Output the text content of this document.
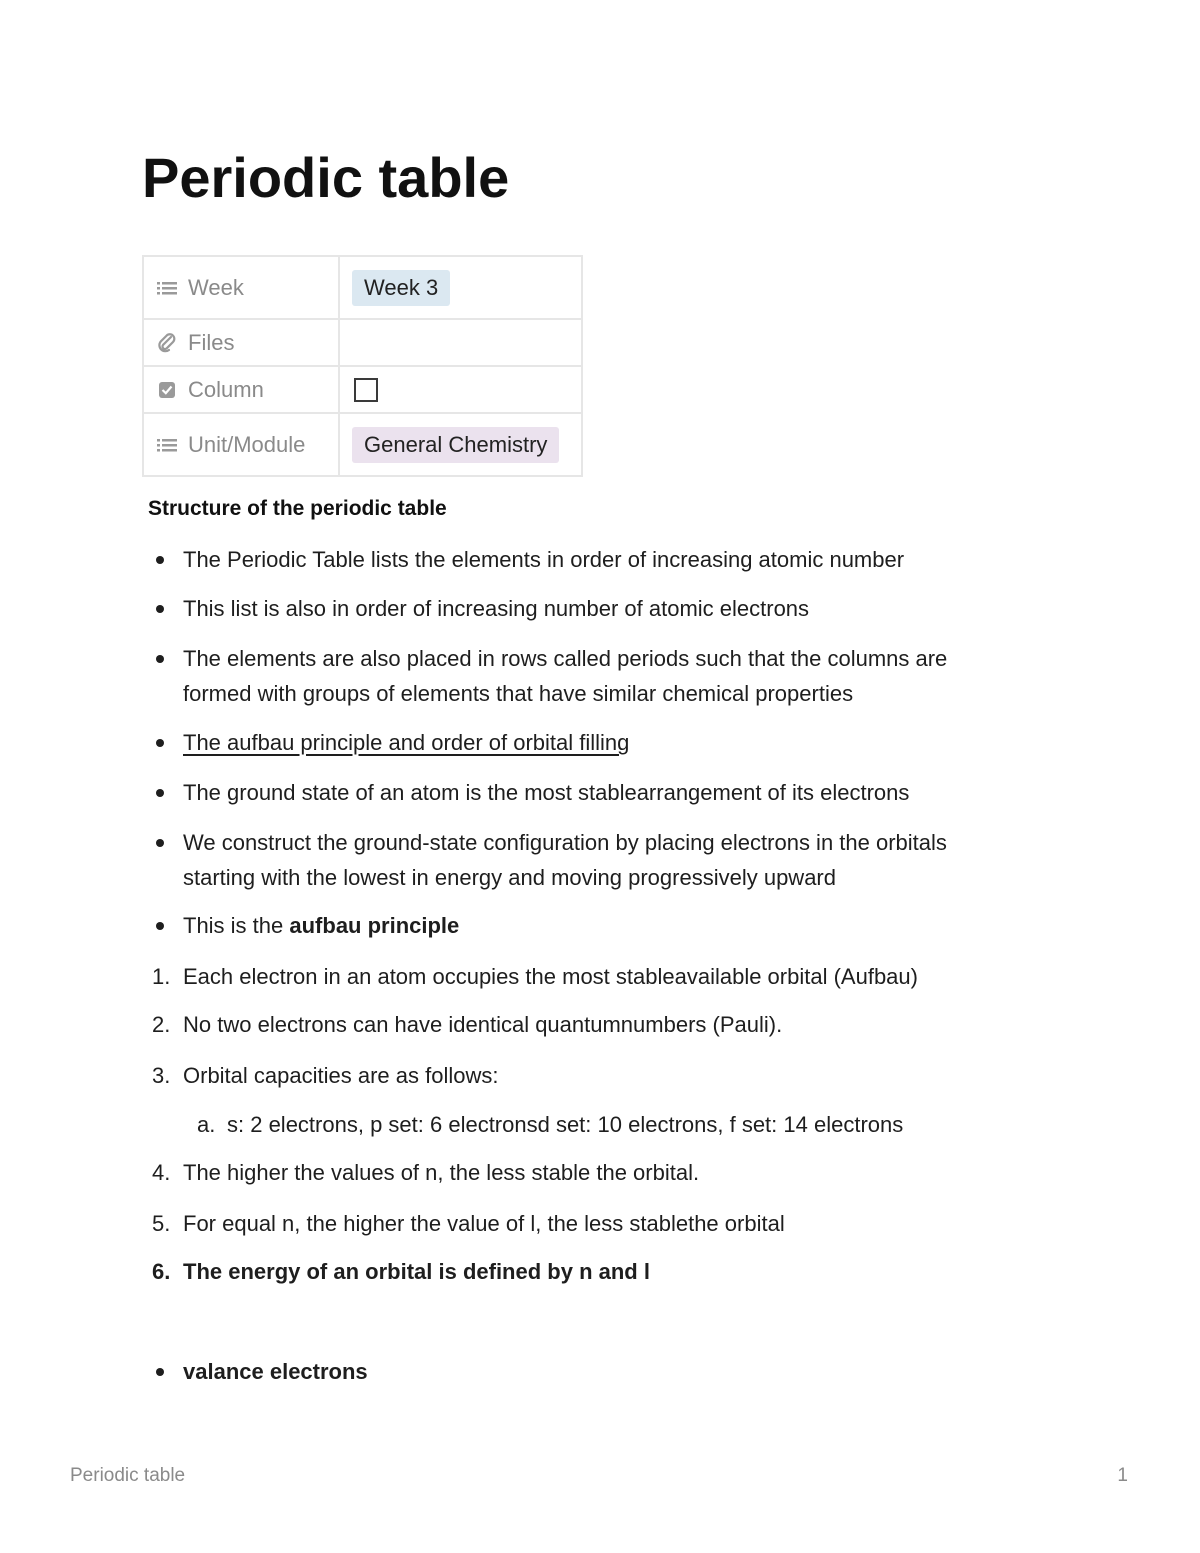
Periodic table
Week	Week 3

Files	

Column	

Unit/Module	General Chemistry
Structure of the periodic table
The Periodic Table lists the elements in order of increasing atomic number
This list is also in order of increasing number of atomic electrons
The elements are also placed in rows called periods such that the columns are
formed with groups of elements that have similar chemical properties
The aufbau principle and order of orbital filling
The ground state of an atom is the most stablearrangement of its electrons
We construct the ground-state configuration by placing electrons in the orbitals
starting with the lowest in energy and moving progressively upward
This is the aufbau principle
1. Each electron in an atom occupies the most stableavailable orbital (Aufbau)
2. No two electrons can have identical quantumnumbers (Pauli).
3. Orbital capacities are as follows:
a. s: 2 electrons, p set: 6 electronsd set: 10 electrons, f set: 14 electrons
4. The higher the values of n, the less stable the orbital.
5. For equal n, the higher the value of l, the less stablethe orbital
6. The energy of an orbital is defined by n and l
valance electrons
Periodic table	1
